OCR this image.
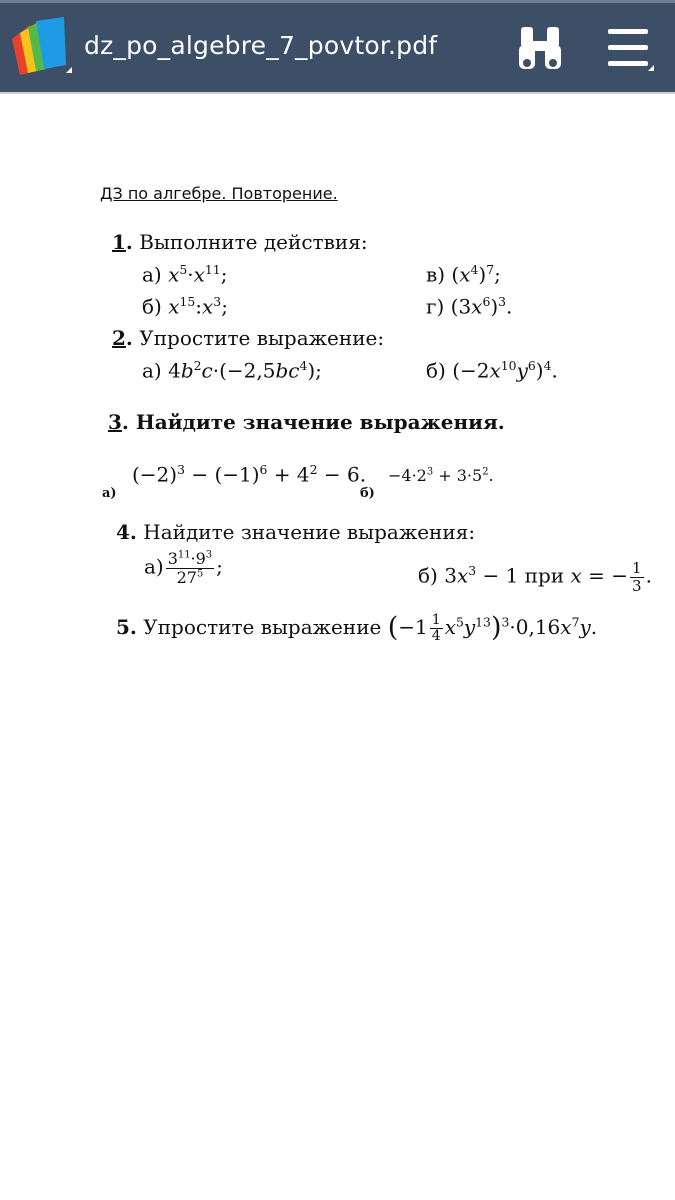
dz_po_algebre_7_povtor.pdf
ДЗ по алгебре. Повторение.
1. Выполните действия:
а) $x^5\cdot x^{11}$;	в) $(x^4)^7$;
б) $x^{15}:x^3$;	г) $(3x^6)^3$.
2. Упростите выражение:
а) $4b^2c\cdot(-2,5bc^4)$;	б) $(-2x^{10}y^6)^4$.
3. Найдите значение выражения.
а)
$(-2)^3 - (-1)^6 + 4^2 - 6$.
б)
$-4\cdot 2^3 + 3\cdot 5^2$.
4. Найдите значение выражения:
$а) \frac{3^{11}\cdot 9^3}{27^5}$ ;	б) $3x^3 - 1$ при x = − $\frac{1}{3}$ .
5. Упростите выражение $(-1 \frac{1}{4} x^5y^{13})^3\cdot 0,16x^7y$.
